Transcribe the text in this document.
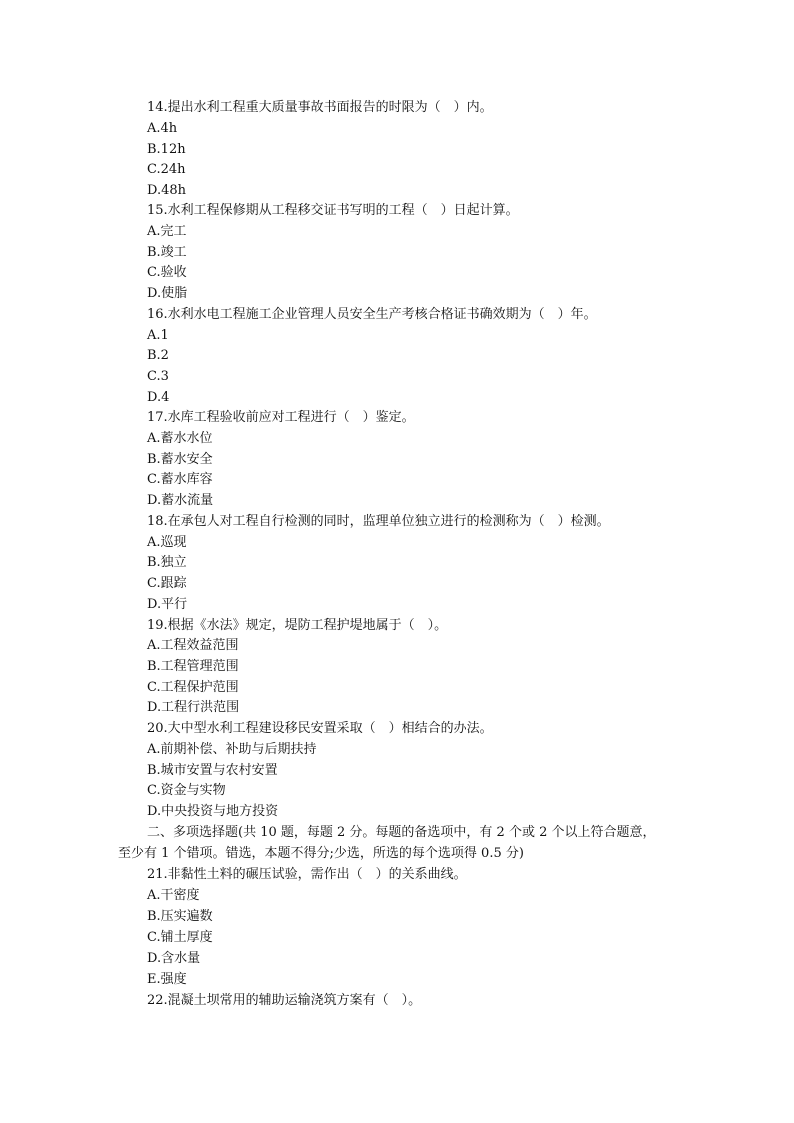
14.提出水利工程重大质量事故书面报告的时限为（　）内。
A.4h
B.12h
C.24h
D.48h
15.水利工程保修期从工程移交证书写明的工程（　）日起计算。
A.完工
B.竣工
C.验收
D.使脂
16.水利水电工程施工企业管理人员安全生产考核合格证书确效期为（　）年。
A.1
B.2
C.3
D.4
17.水库工程验收前应对工程进行（　）鉴定。
A.蓄水水位
B.蓄水安全
C.蓄水库容
D.蓄水流量
18.在承包人对工程自行检测的同时，监理单位独立进行的检测称为（　）检测。
A.巡现
B.独立
C.跟踪
D.平行
19.根据《水法》规定，堤防工程护堤地属于（　）。
A.工程效益范围
B.工程管理范围
C.工程保护范围
D.工程行洪范围
20.大中型水利工程建设移民安置采取（　）相结合的办法。
A.前期补偿、补助与后期扶持
B.城市安置与农村安置
C.资金与实物
D.中央投资与地方投资
二、多项选择题(共 10 题，每题 2 分。每题的备选项中，有 2 个或 2 个以上符合题意，
至少有 1 个错项。错选，本题不得分;少选，所选的每个选项得 0.5 分)
21.非黏性土料的碾压试验，需作出（　）的关系曲线。
A.干密度
B.压实遍数
C.铺土厚度
D.含水量
E.强度
22.混凝土坝常用的辅助运输浇筑方案有（　）。
